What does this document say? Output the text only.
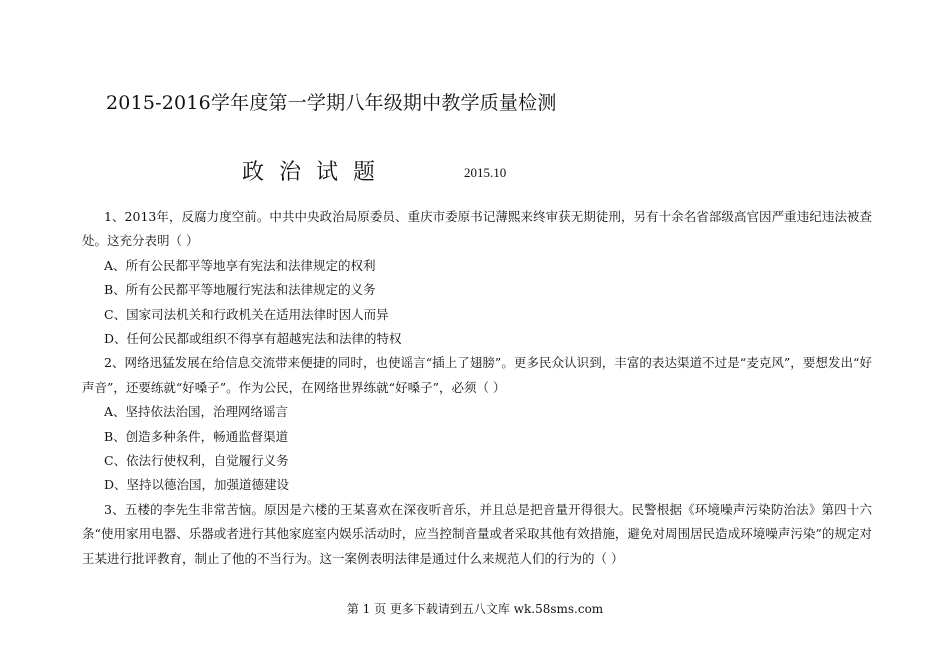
2015-2016学年度第一学期八年级期中教学质量检测
政 治 试 题	2015.10

1、2013年，反腐力度空前。中共中央政治局原委员、重庆市委原书记薄熙来终审获无期徒刑，另有十余名省部级高官因严重违纪违法被查处。这充分表明（ ）

A、所有公民都平等地享有宪法和法律规定的权利

B、所有公民都平等地履行宪法和法律规定的义务

C、国家司法机关和行政机关在适用法律时因人而异

D、任何公民都或组织不得享有超越宪法和法律的特权

2、网络迅猛发展在给信息交流带来便捷的同时，也使谣言“插上了翅膀”。更多民众认识到，丰富的表达渠道不过是“麦克风”，要想发出“好声音”，还要练就“好嗓子”。作为公民，在网络世界练就“好嗓子”，必须（ ）

A、坚持依法治国，治理网络谣言

B、创造多种条件，畅通监督渠道

C、依法行使权利，自觉履行义务

D、坚持以德治国，加强道德建设

3、五楼的李先生非常苦恼。原因是六楼的王某喜欢在深夜听音乐，并且总是把音量开得很大。民警根据《环境噪声污染防治法》第四十六条“使用家用电器、乐器或者进行其他家庭室内娱乐活动时，应当控制音量或者采取其他有效措施，避免对周围居民造成环境噪声污染”的规定对王某进行批评教育，制止了他的不当行为。这一案例表明法律是通过什么来规范人们的行为的（ ）

第 1 页 更多下载请到五八文库 wk.58sms.com
